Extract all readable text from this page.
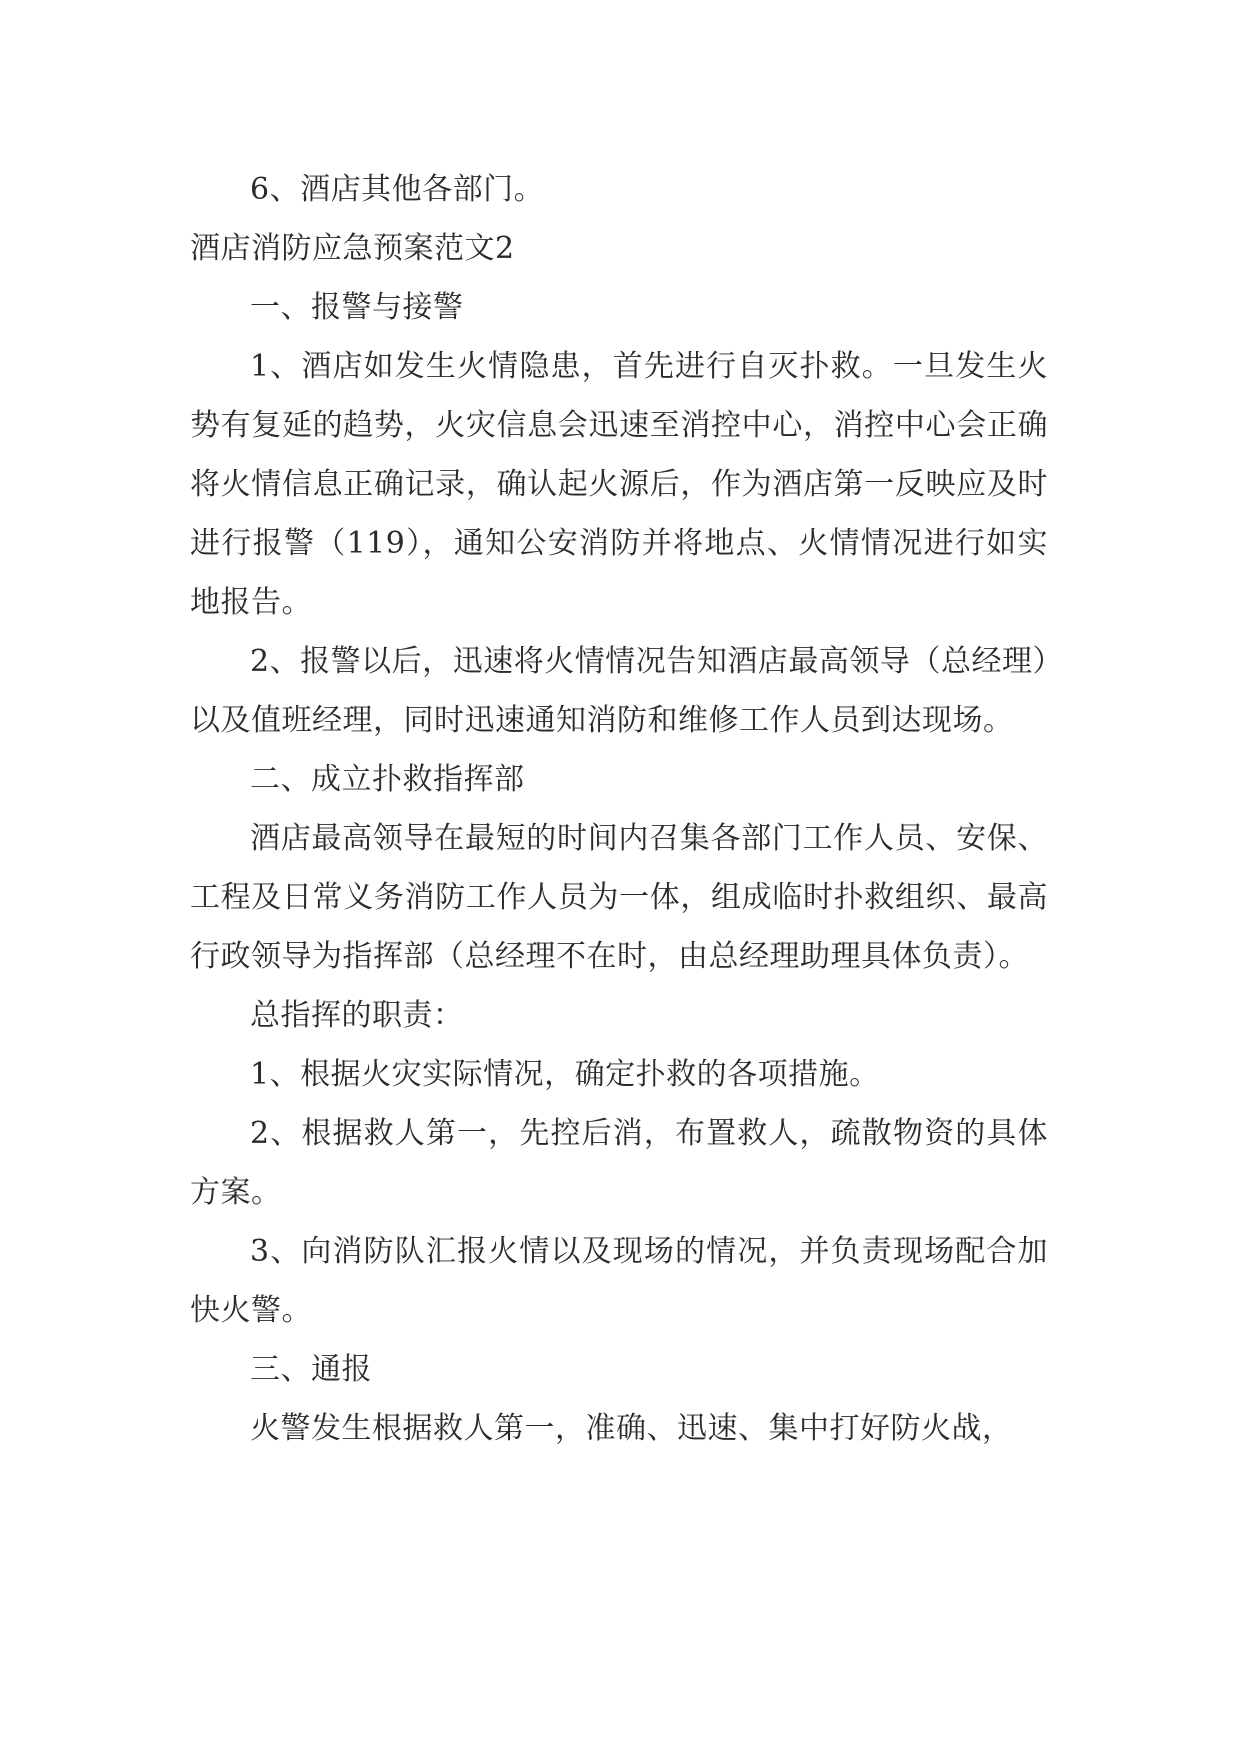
6、酒店其他各部门。

酒店消防应急预案范文2

一、报警与接警

1、酒店如发生火情隐患，首先进行自灭扑救。一旦发生火势有复延的趋势，火灾信息会迅速至消控中心，消控中心会正确将火情信息正确记录，确认起火源后，作为酒店第一反映应及时进行报警（119），通知公安消防并将地点、火情情况进行如实地报告。

2、报警以后，迅速将火情情况告知酒店最高领导（总经理）以及值班经理，同时迅速通知消防和维修工作人员到达现场。

二、成立扑救指挥部

酒店最高领导在最短的时间内召集各部门工作人员、安保、工程及日常义务消防工作人员为一体，组成临时扑救组织、最高行政领导为指挥部（总经理不在时，由总经理助理具体负责）。

总指挥的职责：

1、根据火灾实际情况，确定扑救的各项措施。

2、根据救人第一，先控后消，布置救人，疏散物资的具体方案。

3、向消防队汇报火情以及现场的情况，并负责现场配合加快火警。

三、通报

火警发生根据救人第一，准确、迅速、集中打好防火战，
